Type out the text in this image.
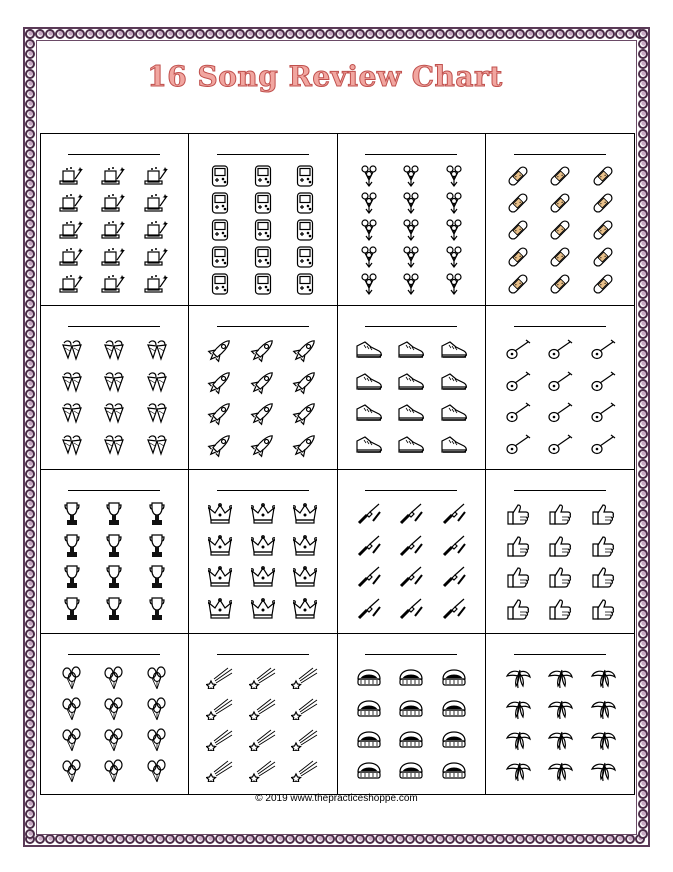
16 Song Review Chart
© 2019 www.thepracticeshoppe.com
